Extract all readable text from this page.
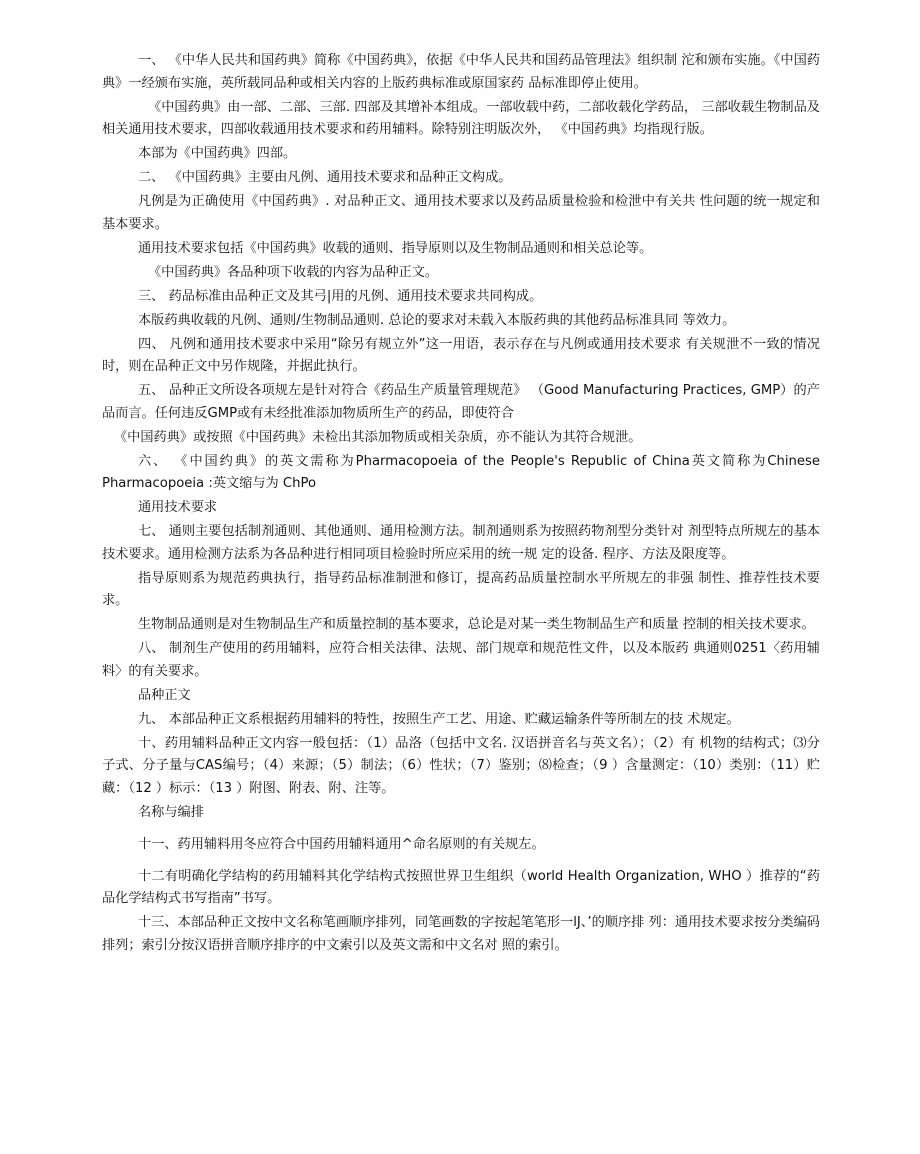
一、 《中华人民共和国药典》简称《中国药典》，依据《中华人民共和国药品管理法》组织制 沱和颁布实施。《中国药典》一经颁布实施，英所载同品种或相关内容的上版药典标准或原国家药 品标准即停止使用。

《中国药典》由一部、二部、三部. 四部及其增补本组成。一部收载中药，二部收载化学药品， 三部收载生物制品及相关通用技术要求，四部收载通用技术要求和药用辅料。除特别注明版次外， 《中国药典》均指现行版。

本部为《中国药典》四部。

二、 《中国药典》主要由凡例、通用技术要求和品种正文构成。

凡例是为正确使用《中国药典》. 对品种正文、通用技术要求以及药品质量检验和检泄中有关共 性问题的统一规定和基本要求。

通用技术要求包括《中国药典》收载的通则、指导原则以及生物制品通则和相关总论等。

《中国药典》各品种项下收载的内容为品种正文。

三、 药品标准由品种正文及其弓|用的凡例、通用技术要求共同构成。

本版药典收载的凡例、通则/生物制品通则. 总论的要求对未载入本版药典的其他药品标准具同 等效力。

四、 凡例和通用技术要求中采用“除另有规立外”这一用语，表示存在与凡例或通用技术要求 有关规泄不一致的情况时，则在品种正文中另作规隆，并据此执行。

五、 品种正文所设各项规左是针对符合《药品生产质量管理规范》 （Good Manufacturing Practices, GMP）的产品而言。任何违反GMP或有未经批准添加物质所生产的药品，即使符合

《中国药典》或按照《中国药典》未检出其添加物质或相关杂质，亦不能认为其符合规泄。

六、 《中国约典》的英文需称为Pharmacopoeia of the People's Republic of China英文简称为Chinese Pharmacopoeia :英文缩与为 ChPo

通用技术要求

七、 通则主要包括制剂通则、其他通则、通用检测方法。制剂通则系为按照药物剂型分类针对 剂型特点所规左的基本技术要求。通用检测方法系为各品种进行相同项目检验时所应采用的统一规 定的设备. 程序、方法及限度等。

指导原则系为规范药典执行，指导药品标准制泄和修订，提高药品质量控制水平所规左的非强 制性、推荐性技术要求。

生物制品通则是对生物制品生产和质量控制的基本要求，总论是对某一类生物制品生产和质量 控制的相关技术要求。

八、 制剂生产使用的药用辅料，应符合相关法律、法规、部门规章和规范性文件，以及本版药 典通则0251〈药用辅料〉的有关要求。

品种正文

九、 本部品种正文系根据药用辅料的特性，按照生产工艺、用途、贮藏运输条件等所制左的技 术规定。

十、药用辅料品种正文内容一般包括：（1）品洛（包括中文名. 汉语拼音名与英文名）；（2）有 机物的结构式；⑶分子式、分子量与CAS编号；（4）来源；（5）制法；（6）性状；（7）鉴别；⑻检查；（9 ）含量测定：（10）类别：（11）贮藏：（12 ）标示：（13 ）附图、附表、附、注等。

名称与编排

十一、药用辅料用冬应符合中国药用辅料通用^命名原则的有关规左。

十二有明确化学结构的药用辅料其化学结构式按照世界卫生组织（world Health Organization, WHO ）推荐的“药品化学结构式书写指南”书写。

十三、本部品种正文按中文名称笔画顺序排列，同笔画数的字按起笔笔形一lJ、’的顺序排 列：通用技术要求按分类编码排列；索引分按汉语拼音顺序排序的中文索引以及英文需和中文名对 照的索引。
